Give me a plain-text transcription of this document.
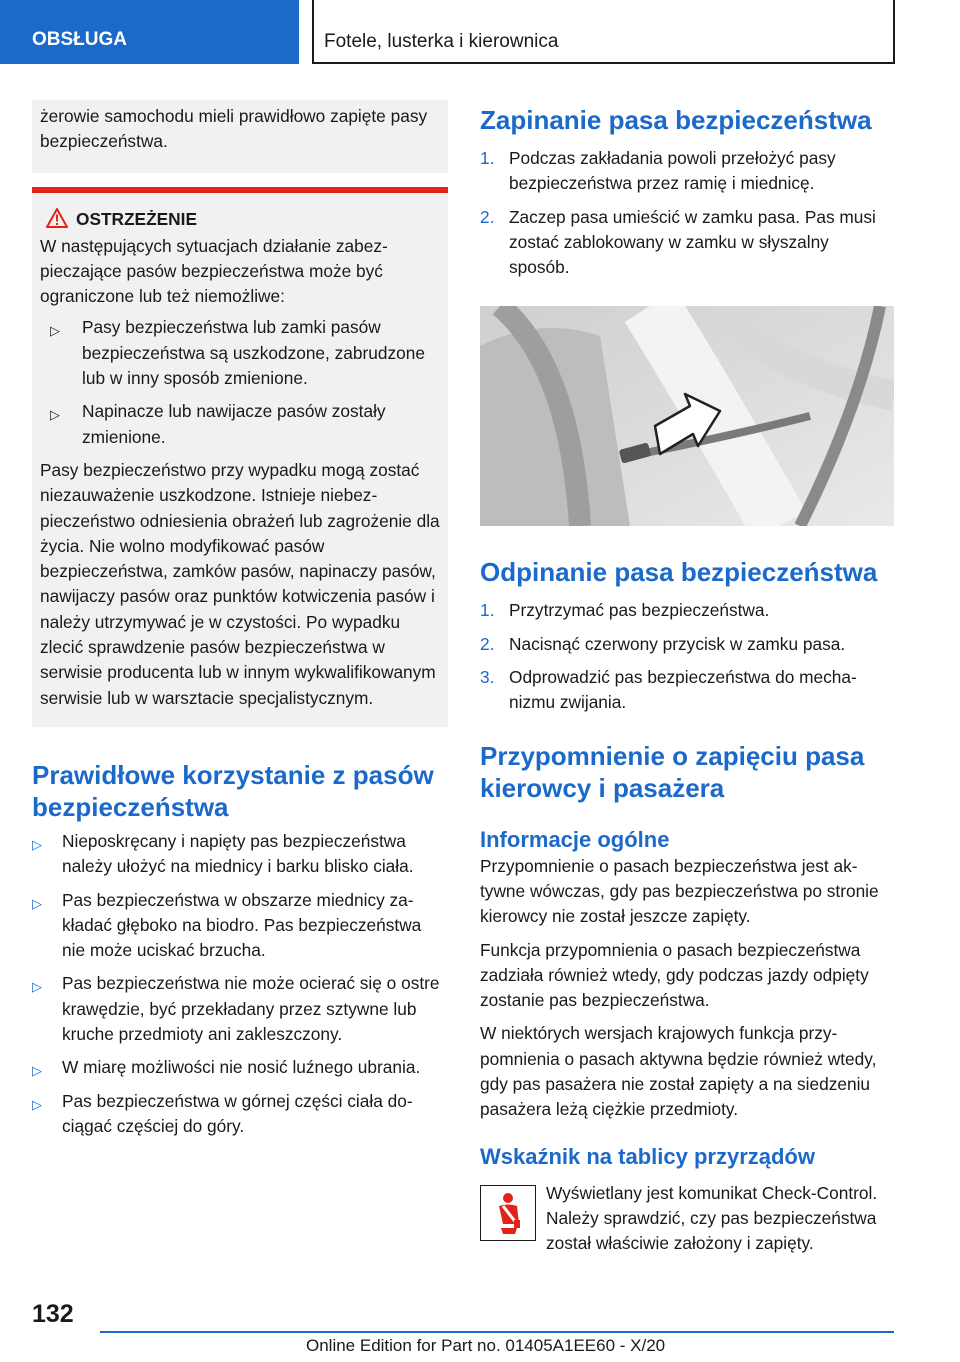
OBSŁUGA	Fotele, lusterka i kierownica

żerowie samochodu mieli prawidłowo zapięte pasy bezpieczeństwa.

OSTRZEŻENIE

W następujących sytuacjach działanie zabezpieczające pasów bezpieczeństwa może być ograniczone lub też niemożliwe:

▷ Pasy bezpieczeństwa lub zamki pasów bezpieczeństwa są uszkodzone, zabrudzone lub w inny sposób zmienione.
▷ Napinacze lub nawijacze pasów zostały zmienione.

Pasy bezpieczeństwo przy wypadku mogą zostać niezauważenie uszkodzone. Istnieje niebezpieczeństwo odniesienia obrażeń lub zagrożenie dla życia. Nie wolno modyfikować pasów bezpieczeństwa, zamków pasów, napinaczy pasów, nawijaczy pasów oraz punktów kotwiczenia pasów i należy utrzymywać je w czystości. Po wypadku zlecić sprawdzenie pasów bezpieczeństwa w serwisie producenta lub w innym wykwalifikowanym serwisie lub w warsztacie specjalistycznym.

Prawidłowe korzystanie z pasów bezpieczeństwa
▷ Nieposkręcany i napięty pas bezpieczeństwa należy ułożyć na miednicy i barku blisko ciała.
▷ Pas bezpieczeństwa w obszarze miednicy zakładać głęboko na biodro. Pas bezpieczeństwa nie może uciskać brzucha.
▷ Pas bezpieczeństwa nie może ocierać się o ostre krawędzie, być przekładany przez sztywne lub kruche przedmioty ani zakleszczony.
▷ W miarę możliwości nie nosić luźnego ubrania.
▷ Pas bezpieczeństwa w górnej części ciała dociągać częściej do góry.
Zapinanie pasa bezpieczeństwa
1. Podczas zakładania powoli przełożyć pasy bezpieczeństwa przez ramię i miednicę.
2. Zaczep pasa umieścić w zamku pasa. Pas musi zostać zablokowany w zamku w słyszalny sposób.
Odpinanie pasa bezpieczeństwa
1. Przytrzymać pas bezpieczeństwa.
2. Nacisnąć czerwony przycisk w zamku pasa.
3. Odprowadzić pas bezpieczeństwa do mechanizmu zwijania.
Przypomnienie o zapięciu pasa kierowcy i pasażera
Informacje ogólne

Przypomnienie o pasach bezpieczeństwa jest aktywne wówczas, gdy pas bezpieczeństwa po stronie kierowcy nie został jeszcze zapięty.

Funkcja przypomnienia o pasach bezpieczeństwa zadziała również wtedy, gdy podczas jazdy odpięty zostanie pas bezpieczeństwa.

W niektórych wersjach krajowych funkcja przypomnienia o pasach aktywna będzie również wtedy, gdy pas pasażera nie został zapięty a na siedzeniu pasażera leżą ciężkie przedmioty.

Wskaźnik na tablicy przyrządów

Wyświetlany jest komunikat Check-Control. Należy sprawdzić, czy pas bezpieczeństwa został właściwie założony i zapięty.

132
Online Edition for Part no. 01405A1EE60 - X/20
